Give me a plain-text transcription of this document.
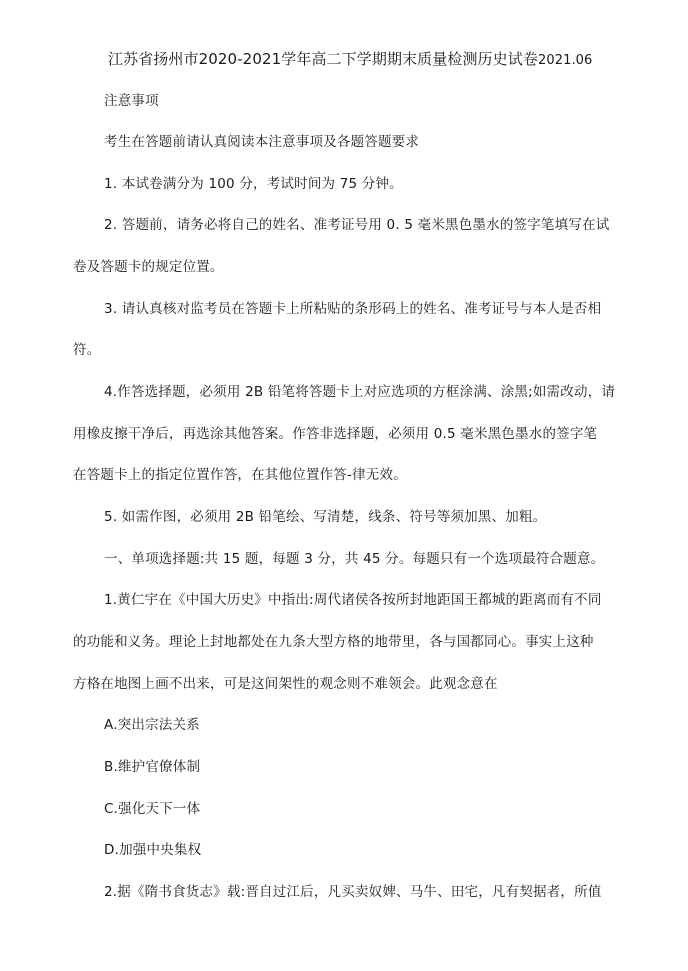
江苏省扬州市2020-2021学年高二下学期期末质量检测历史试卷2021.06
注意事项
考生在答题前请认真阅读本注意事项及各题答题要求
1. 本试卷满分为 100 分，考试时间为 75 分钟。
2. 答题前，请务必将自己的姓名、准考证号用 0. 5 毫米黑色墨水的签字笔填写在试
卷及答题卡的规定位置。
3. 请认真核对监考员在答题卡上所粘贴的条形码上的姓名、准考证号与本人是否相
符。
4.作答选择题，必须用 2B 铅笔将答题卡上对应选项的方框涂满、涂黑;如需改动，请
用橡皮擦干净后，再选涂其他答案。作答非选择题，必须用 0.5 毫米黑色墨水的签字笔
在答题卡上的指定位置作答，在其他位置作答-律无效。
5. 如需作图，必须用 2B 铅笔绘、写清楚，线条、符号等须加黑、加粗。
一、单项选择题:共 15 题，每题 3 分，共 45 分。每题只有一个选项最符合题意。
1.黄仁宇在《中国大历史》中指出:周代诸侯各按所封地距国王都城的距离而有不同
的功能和义务。理论上封地都处在九条大型方格的地带里，各与国都同心。事实上这种
方格在地图上画不出来，可是这间架性的观念则不难领会。此观念意在
A.突出宗法关系
B.维护官僚体制
C.强化天下一体
D.加强中央集权
2.据《隋书食货志》载:晋自过江后，凡买卖奴婢、马牛、田宅，凡有契据者，所值
